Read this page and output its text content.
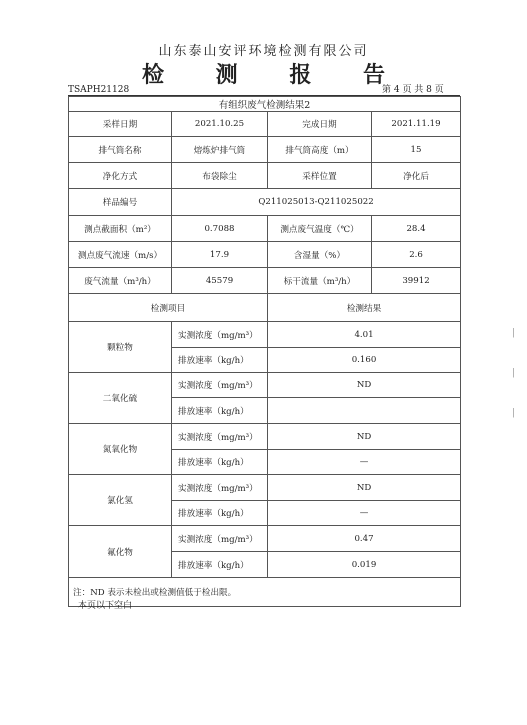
山东泰山安评环境检测有限公司
检 测 报 告
TSAPH21128	第 4 页 共 8 页
有组织废气检测结果2			
采样日期	2021.10.25	完成日期	2021.11.19
排气筒名称	熔炼炉排气筒	排气筒高度（m）	15
净化方式	布袋除尘	采样位置	净化后
样品编号	Q211025013-Q211025022		
测点截面积（m²）	0.7088	测点废气温度（℃）	28.4
测点废气流速（m/s）	17.9	含湿量（%）	2.6
废气流量（m³/h）	45579	标干流量（m³/h）	39912
检测项目		检测结果	
颗粒物	实测浓度（mg/m³）	4.01	
	排放速率（kg/h）	0.160	
二氧化硫	实测浓度（mg/m³）	ND	
	排放速率（kg/h）		
氮氧化物	实测浓度（mg/m³）	ND	
	排放速率（kg/h）	—	
氯化氢	实测浓度（mg/m³）	ND	
	排放速率（kg/h）	—	
氟化物	实测浓度（mg/m³）	0.47	
	排放速率（kg/h）	0.019	
注：ND 表示未检出或检测值低于检出限。			
本页以下空白
|
|
|
